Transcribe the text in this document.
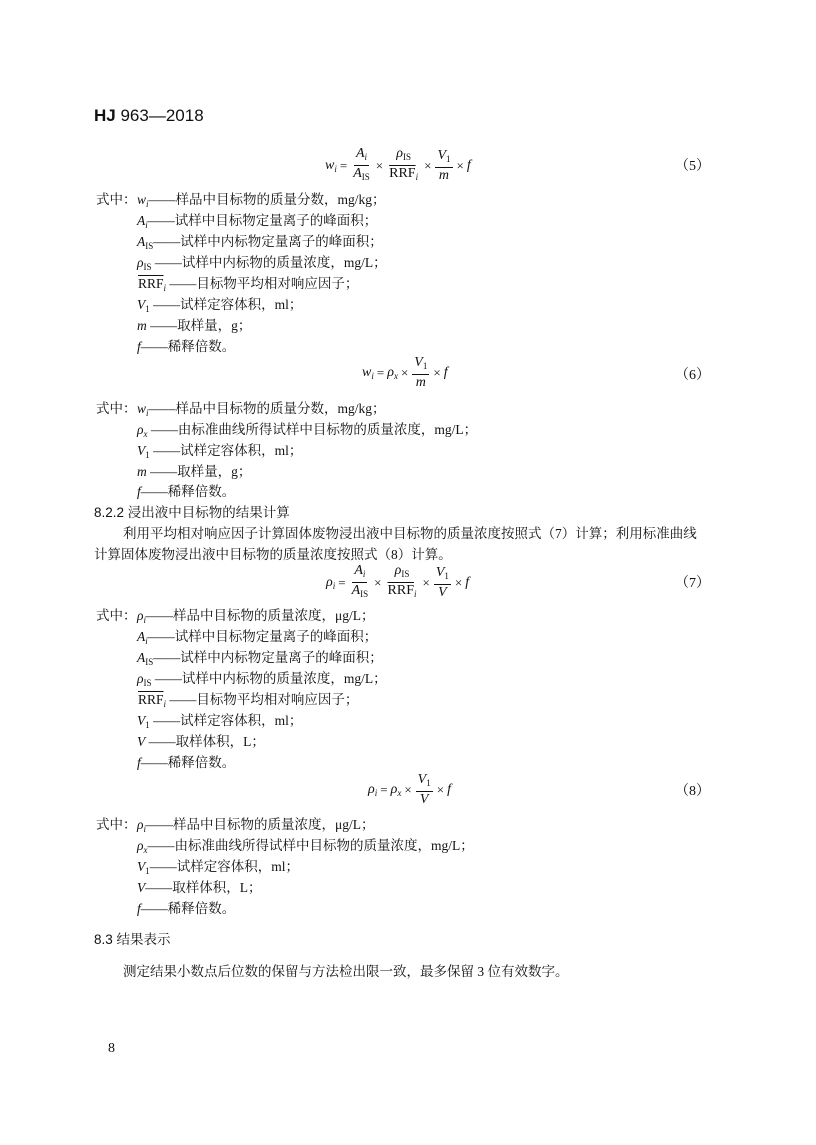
HJ 963—2018
$w_i = \frac{A_i}{A_{IS}} \times \frac{\rho_{IS}}{\overline{RRF}_i} \times \frac{V_1}{m} \times f$	（5）
式中： $w_i——$样品中目标物的质量分数，mg/kg；
$A_i——$试样中目标物定量离子的峰面积；
$A_{IS}——$试样中内标物定量离子的峰面积；
$\rho_{IS}$ ——试样中内标物的质量浓度，mg/L；
$\overline{RRF}_i$ ——目标物平均相对响应因子；
$V_1$ ——试样定容体积，ml；
m ——取样量，g；
f——稀释倍数。
$w_i = \rho_x \times \frac{V_1}{m} \times f$	（6）
式中： $w_i——$样品中目标物的质量分数，mg/kg；
$\rho_x$ ——由标准曲线所得试样中目标物的质量浓度，mg/L；
$V_1$ ——试样定容体积，ml；
m ——取样量，g；
f——稀释倍数。
8.2.2 浸出液中目标物的结果计算
利用平均相对响应因子计算固体废物浸出液中目标物的质量浓度按照式（7）计算；利用标准曲线
计算固体废物浸出液中目标物的质量浓度按照式（8）计算。
$\rho_i = \frac{A_i}{A_{IS}} \times \frac{\rho_{IS}}{\overline{RRF}_i} \times \frac{V_1}{V} \times f$	（7）
式中： $\rho_i——$样品中目标物的质量浓度，μg/L；
$A_i——$试样中目标物定量离子的峰面积；
$A_{IS}——$试样中内标物定量离子的峰面积；
$\rho_{IS}$ ——试样中内标物的质量浓度，mg/L；
$\overline{RRF}_i$ ——目标物平均相对响应因子；
$V_1$ ——试样定容体积，ml；
V ——取样体积，L；
f——稀释倍数。
$\rho_i = \rho_x \times \frac{V_1}{V} \times f$	（8）
式中： $\rho_i——$样品中目标物的质量浓度，μg/L；
$\rho_x——$由标准曲线所得试样中目标物的质量浓度，mg/L；
$V_1——$试样定容体积，ml；
V——取样体积，L；
f——稀释倍数。
8.3 结果表示
测定结果小数点后位数的保留与方法检出限一致，最多保留 3 位有效数字。
8
